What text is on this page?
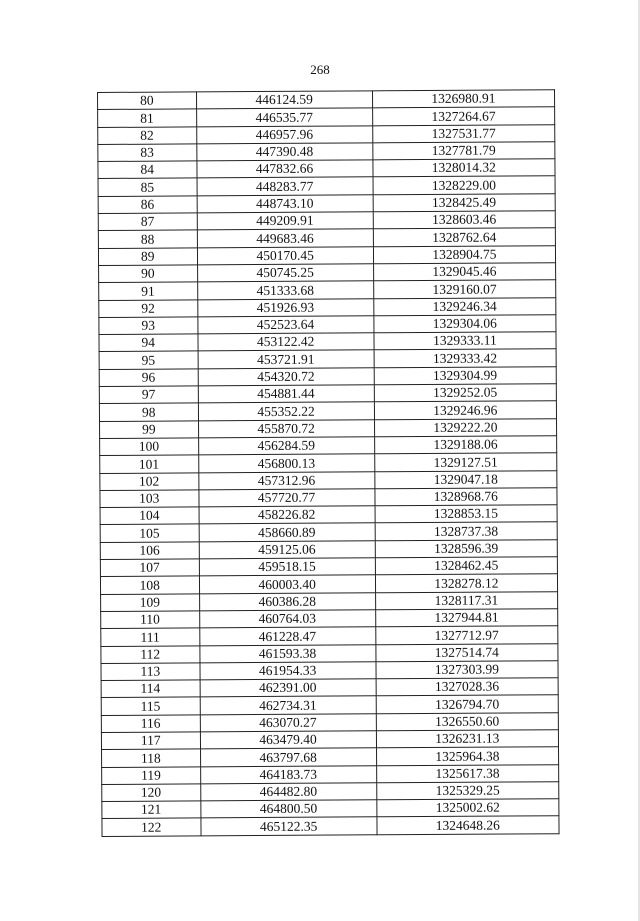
268
80	446124.59	1326980.91
81	446535.77	1327264.67
82	446957.96	1327531.77
83	447390.48	1327781.79
84	447832.66	1328014.32
85	448283.77	1328229.00
86	448743.10	1328425.49
87	449209.91	1328603.46
88	449683.46	1328762.64
89	450170.45	1328904.75
90	450745.25	1329045.46
91	451333.68	1329160.07
92	451926.93	1329246.34
93	452523.64	1329304.06
94	453122.42	1329333.11
95	453721.91	1329333.42
96	454320.72	1329304.99
97	454881.44	1329252.05
98	455352.22	1329246.96
99	455870.72	1329222.20
100	456284.59	1329188.06
101	456800.13	1329127.51
102	457312.96	1329047.18
103	457720.77	1328968.76
104	458226.82	1328853.15
105	458660.89	1328737.38
106	459125.06	1328596.39
107	459518.15	1328462.45
108	460003.40	1328278.12
109	460386.28	1328117.31
110	460764.03	1327944.81
111	461228.47	1327712.97
112	461593.38	1327514.74
113	461954.33	1327303.99
114	462391.00	1327028.36
115	462734.31	1326794.70
116	463070.27	1326550.60
117	463479.40	1326231.13
118	463797.68	1325964.38
119	464183.73	1325617.38
120	464482.80	1325329.25
121	464800.50	1325002.62
122	465122.35	1324648.26
